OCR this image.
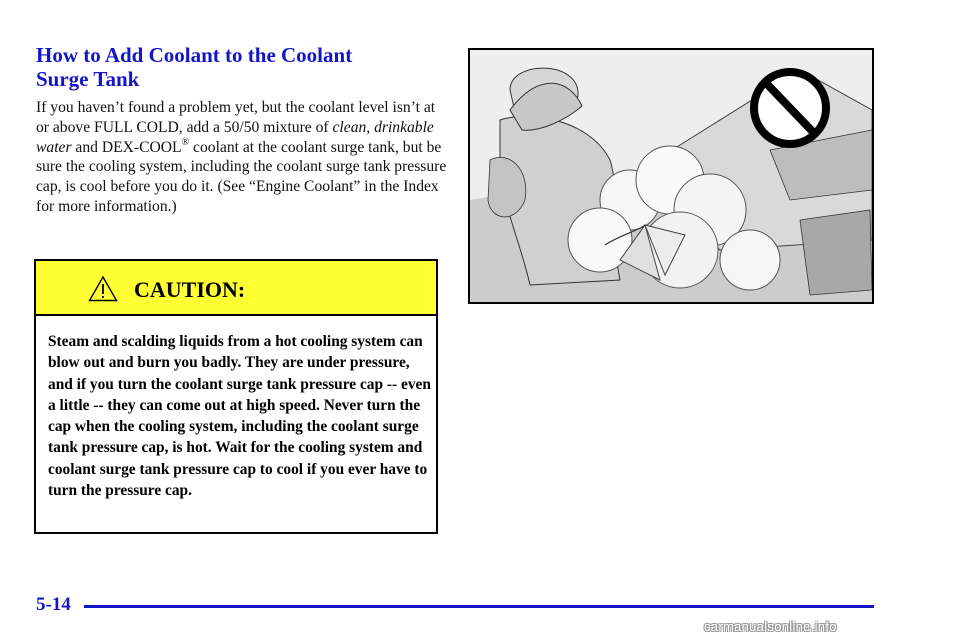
How to Add Coolant to the Coolant
Surge Tank

If you haven’t found a problem yet, but the coolant level isn’t at or above FULL COLD, add a 50/50 mixture of clean, drinkable water and DEX-COOL® coolant at the coolant surge tank, but be sure the cooling system, including the coolant surge tank pressure cap, is cool before you do it. (See “Engine Coolant” in the Index for more information.)

CAUTION:

Steam and scalding liquids from a hot cooling system can blow out and burn you badly. They are under pressure, and if you turn the coolant surge tank pressure cap -- even a little -- they can come out at high speed. Never turn the cap when the cooling system, including the coolant surge tank pressure cap, is hot. Wait for the cooling system and coolant surge tank pressure cap to cool if you ever have to turn the pressure cap.

5-14
carmanualsonline.info
